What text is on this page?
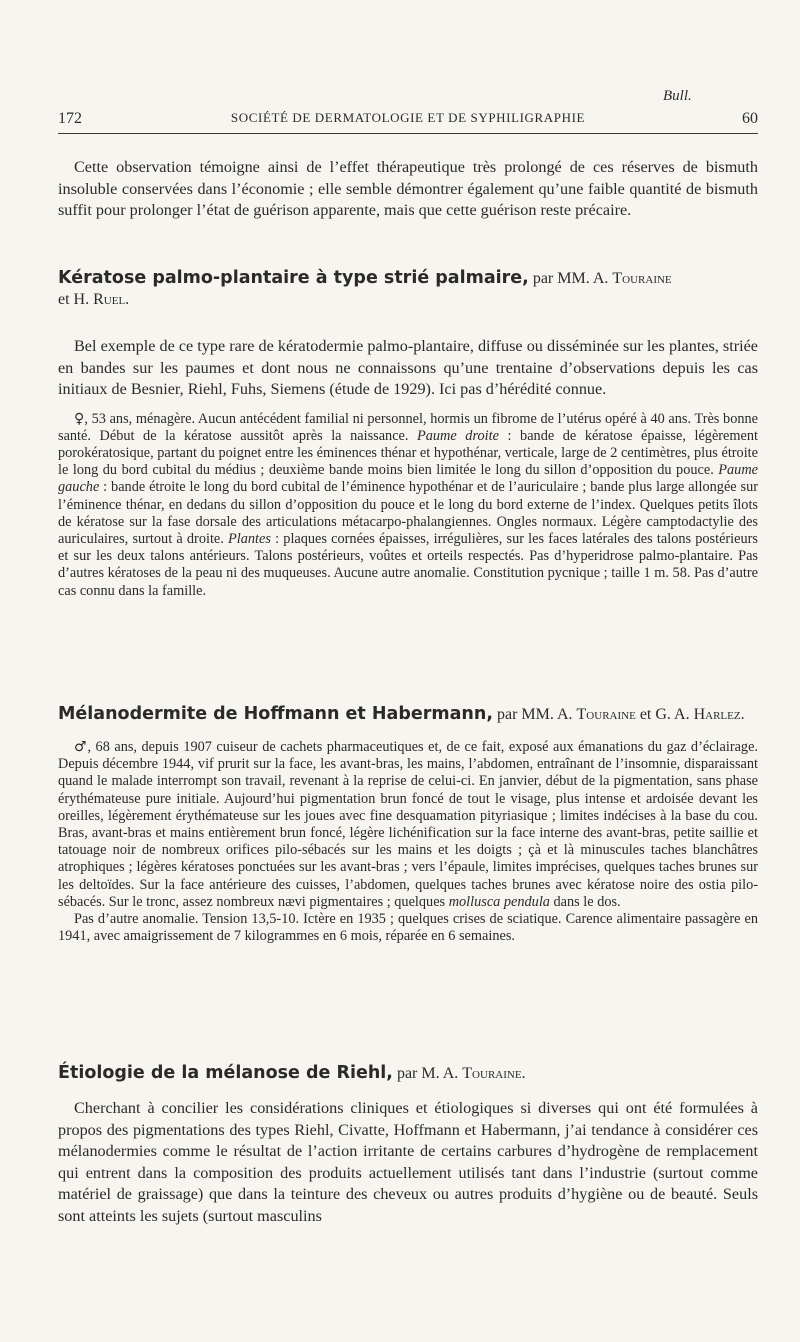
Bull.
172	SOCIÉTÉ DE DERMATOLOGIE ET DE SYPHILIGRAPHIE	60

Cette observation témoigne ainsi de l’effet thérapeutique très prolongé de ces réserves de bismuth insoluble conservées dans l’économie ; elle semble démontrer également qu’une faible quantité de bismuth suffit pour prolonger l’état de guérison apparente, mais que cette guérison reste précaire.

Kératose palmo-plantaire à type strié palmaire, par MM. A. Touraine
et H. Ruel.

Bel exemple de ce type rare de kératodermie palmo-plantaire, diffuse ou disséminée sur les plantes, striée en bandes sur les paumes et dont nous ne connaissons qu’une trentaine d’observations depuis les cas initiaux de Besnier, Riehl, Fuhs, Siemens (étude de 1929). Ici pas d’hérédité connue.

♀, 53 ans, ménagère. Aucun antécédent familial ni personnel, hormis un fibrome de l’utérus opéré à 40 ans. Très bonne santé. Début de la kératose aussitôt après la naissance. Paume droite : bande de kératose épaisse, légèrement porokératosique, partant du poignet entre les éminences thénar et hypothénar, verticale, large de 2 centimètres, plus étroite le long du bord cubital du médius ; deuxième bande moins bien limitée le long du sillon d’opposition du pouce. Paume gauche : bande étroite le long du bord cubital de l’éminence hypothénar et de l’auriculaire ; bande plus large allongée sur l’éminence thénar, en dedans du sillon d’opposition du pouce et le long du bord externe de l’index. Quelques petits îlots de kératose sur la fase dorsale des articulations métacarpo-phalangiennes. Ongles normaux. Légère camptodactylie des auriculaires, surtout à droite. Plantes : plaques cornées épaisses, irrégulières, sur les faces latérales des talons postérieurs et sur les deux talons antérieurs. Talons postérieurs, voûtes et orteils respectés. Pas d’hyperidrose palmo-plantaire. Pas d’autres kératoses de la peau ni des muqueuses. Aucune autre anomalie. Constitution pycnique ; taille 1 m. 58. Pas d’autre cas connu dans la famille.

Mélanodermite de Hoffmann et Habermann, par MM. A. Touraine et G. A. Harlez.

♂, 68 ans, depuis 1907 cuiseur de cachets pharmaceutiques et, de ce fait, exposé aux émanations du gaz d’éclairage. Depuis décembre 1944, vif prurit sur la face, les avant-bras, les mains, l’abdomen, entraînant de l’insomnie, disparaissant quand le malade interrompt son travail, revenant à la reprise de celui-ci. En janvier, début de la pigmentation, sans phase érythémateuse pure initiale. Aujourd’hui pigmentation brun foncé de tout le visage, plus intense et ardoisée devant les oreilles, légèrement érythémateuse sur les joues avec fine desquamation pityriasique ; limites indécises à la base du cou. Bras, avant-bras et mains entièrement brun foncé, légère lichénification sur la face interne des avant-bras, petite saillie et tatouage noir de nombreux orifices pilo-sébacés sur les mains et les doigts ; çà et là minuscules taches blanchâtres atrophiques ; légères kératoses ponctuées sur les avant-bras ; vers l’épaule, limites imprécises, quelques taches brunes sur les deltoïdes. Sur la face antérieure des cuisses, l’abdomen, quelques taches brunes avec kératose noire des ostia pilo-sébacés. Sur le tronc, assez nombreux nævi pigmentaires ; quelques mollusca pendula dans le dos.

Pas d’autre anomalie. Tension 13,5-10. Ictère en 1935 ; quelques crises de sciatique. Carence alimentaire passagère en 1941, avec amaigrissement de 7 kilogrammes en 6 mois, réparée en 6 semaines.

Étiologie de la mélanose de Riehl, par M. A. Touraine.

Cherchant à concilier les considérations cliniques et étiologiques si diverses qui ont été formulées à propos des pigmentations des types Riehl, Civatte, Hoffmann et Habermann, j’ai tendance à considérer ces mélanodermies comme le résultat de l’action irritante de certains carbures d’hydrogène de remplacement qui entrent dans la composition des produits actuellement utilisés tant dans l’industrie (surtout comme matériel de graissage) que dans la teinture des cheveux ou autres produits d’hygiène ou de beauté. Seuls sont atteints les sujets (surtout masculins
